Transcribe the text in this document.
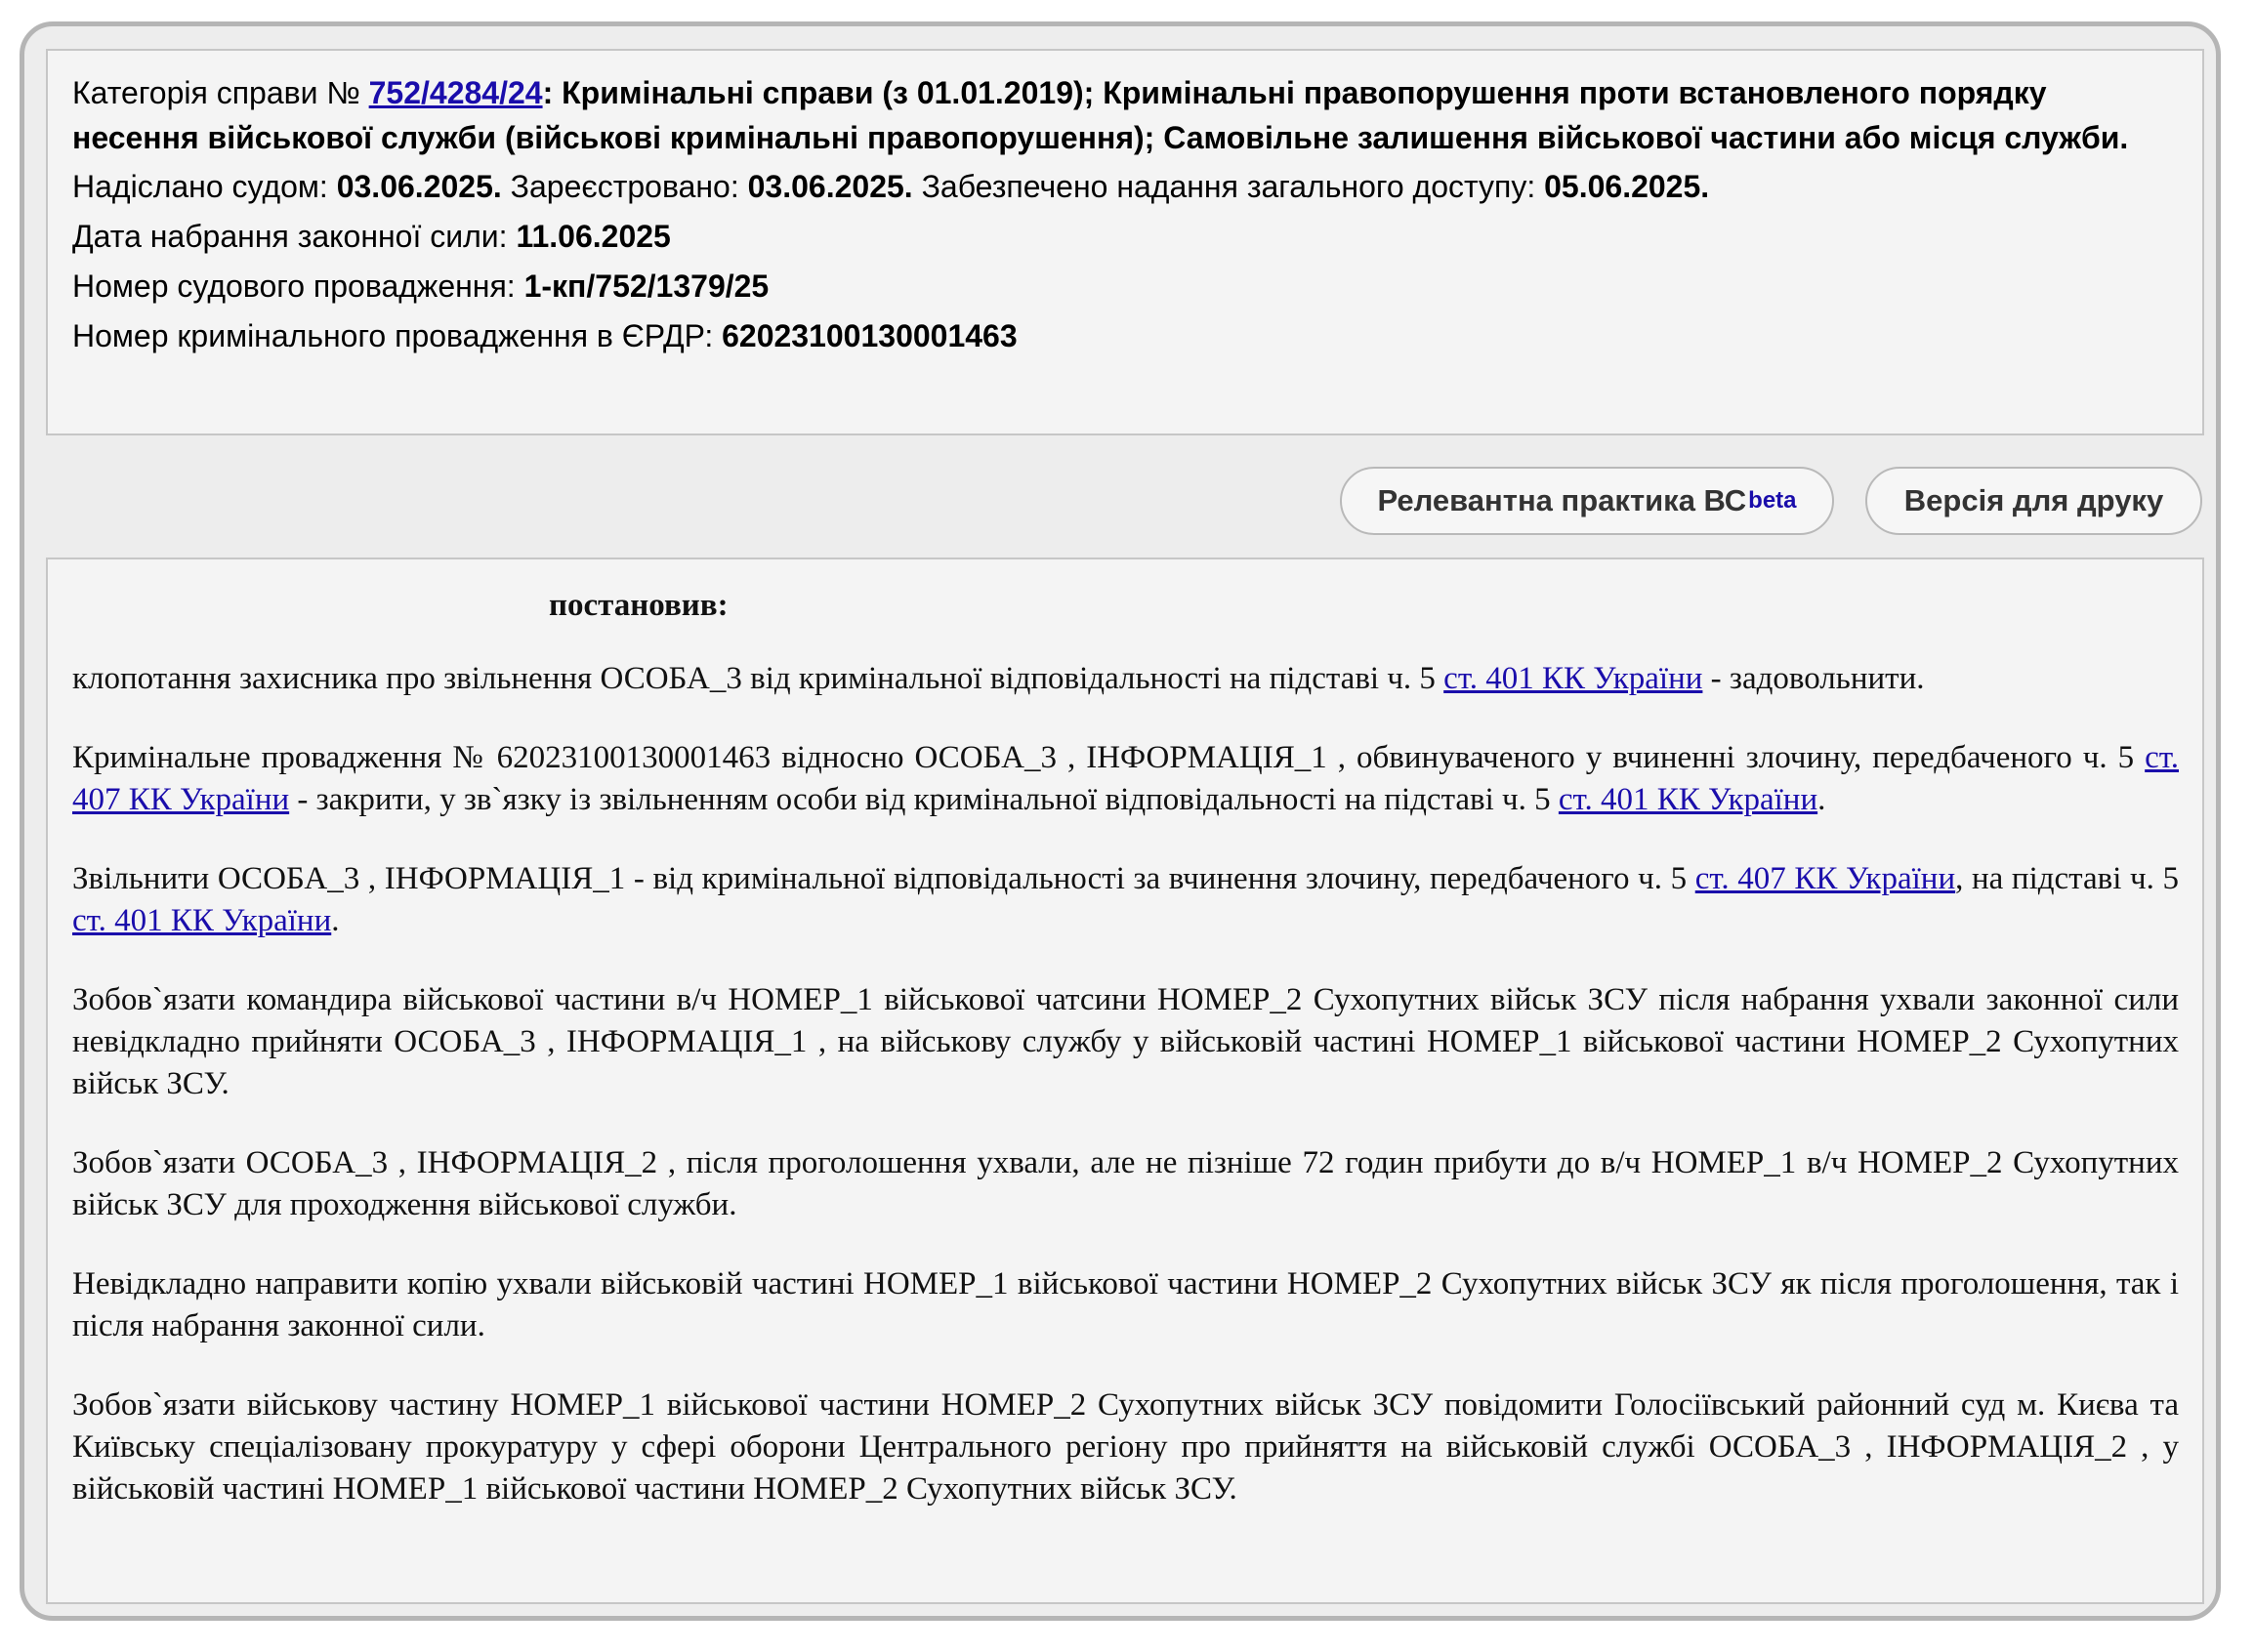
Категорія справи № 752/4284/24: Кримінальні справи (з 01.01.2019); Кримінальні правопорушення проти встановленого порядку несення військової служби (військові кримінальні правопорушення); Самовільне залишення військової частини або місця служби.
Надіслано судом: 03.06.2025. Зареєстровано: 03.06.2025. Забезпечено надання загального доступу: 05.06.2025.
Дата набрання законної сили: 11.06.2025
Номер судового провадження: 1-кп/752/1379/25
Номер кримінального провадження в ЄРДР: 62023100130001463
Релевантна практика ВС beta	Версія для друку
постановив:

клопотання захисника про звільнення ОСОБА_3 від кримінальної відповідальності на підставі ч. 5 ст. 401 КК України - задовольнити.

Кримінальне провадження № 62023100130001463 відносно ОСОБА_3 , ІНФОРМАЦІЯ_1 , обвинуваченого у вчиненні злочину, передбаченого ч. 5 ст. 407 КК України - закрити, у зв`язку із звільненням особи від кримінальної відповідальності на підставі ч. 5 ст. 401 КК України.

Звільнити ОСОБА_3 , ІНФОРМАЦІЯ_1 - від кримінальної відповідальності за вчинення злочину, передбаченого ч. 5 ст. 407 КК України, на підставі ч. 5 ст. 401 КК України.

Зобов`язати командира військової частини в/ч НОМЕР_1 військової чатсини НОМЕР_2 Сухопутних військ ЗСУ після набрання ухвали законної сили невідкладно прийняти ОСОБА_3 , ІНФОРМАЦІЯ_1 , на військову службу у військовій частині НОМЕР_1 військової частини НОМЕР_2 Сухопутних військ ЗСУ.

Зобов`язати ОСОБА_3 , ІНФОРМАЦІЯ_2 , після проголошення ухвали, але не пізніше 72 годин прибути до в/ч НОМЕР_1 в/ч НОМЕР_2 Сухопутних військ ЗСУ для проходження військової служби.

Невідкладно направити копію ухвали військовій частині НОМЕР_1 військової частини НОМЕР_2 Сухопутних військ ЗСУ як після проголошення, так і після набрання законної сили.

Зобов`язати військову частину НОМЕР_1 військової частини НОМЕР_2 Сухопутних військ ЗСУ повідомити Голосіївський районний суд м. Києва та Київську спеціалізовану прокуратуру у сфері оборони Центрального регіону про прийняття на військовій службі ОСОБА_3 , ІНФОРМАЦІЯ_2 , у військовій частині НОМЕР_1 військової частини НОМЕР_2 Сухопутних військ ЗСУ.
